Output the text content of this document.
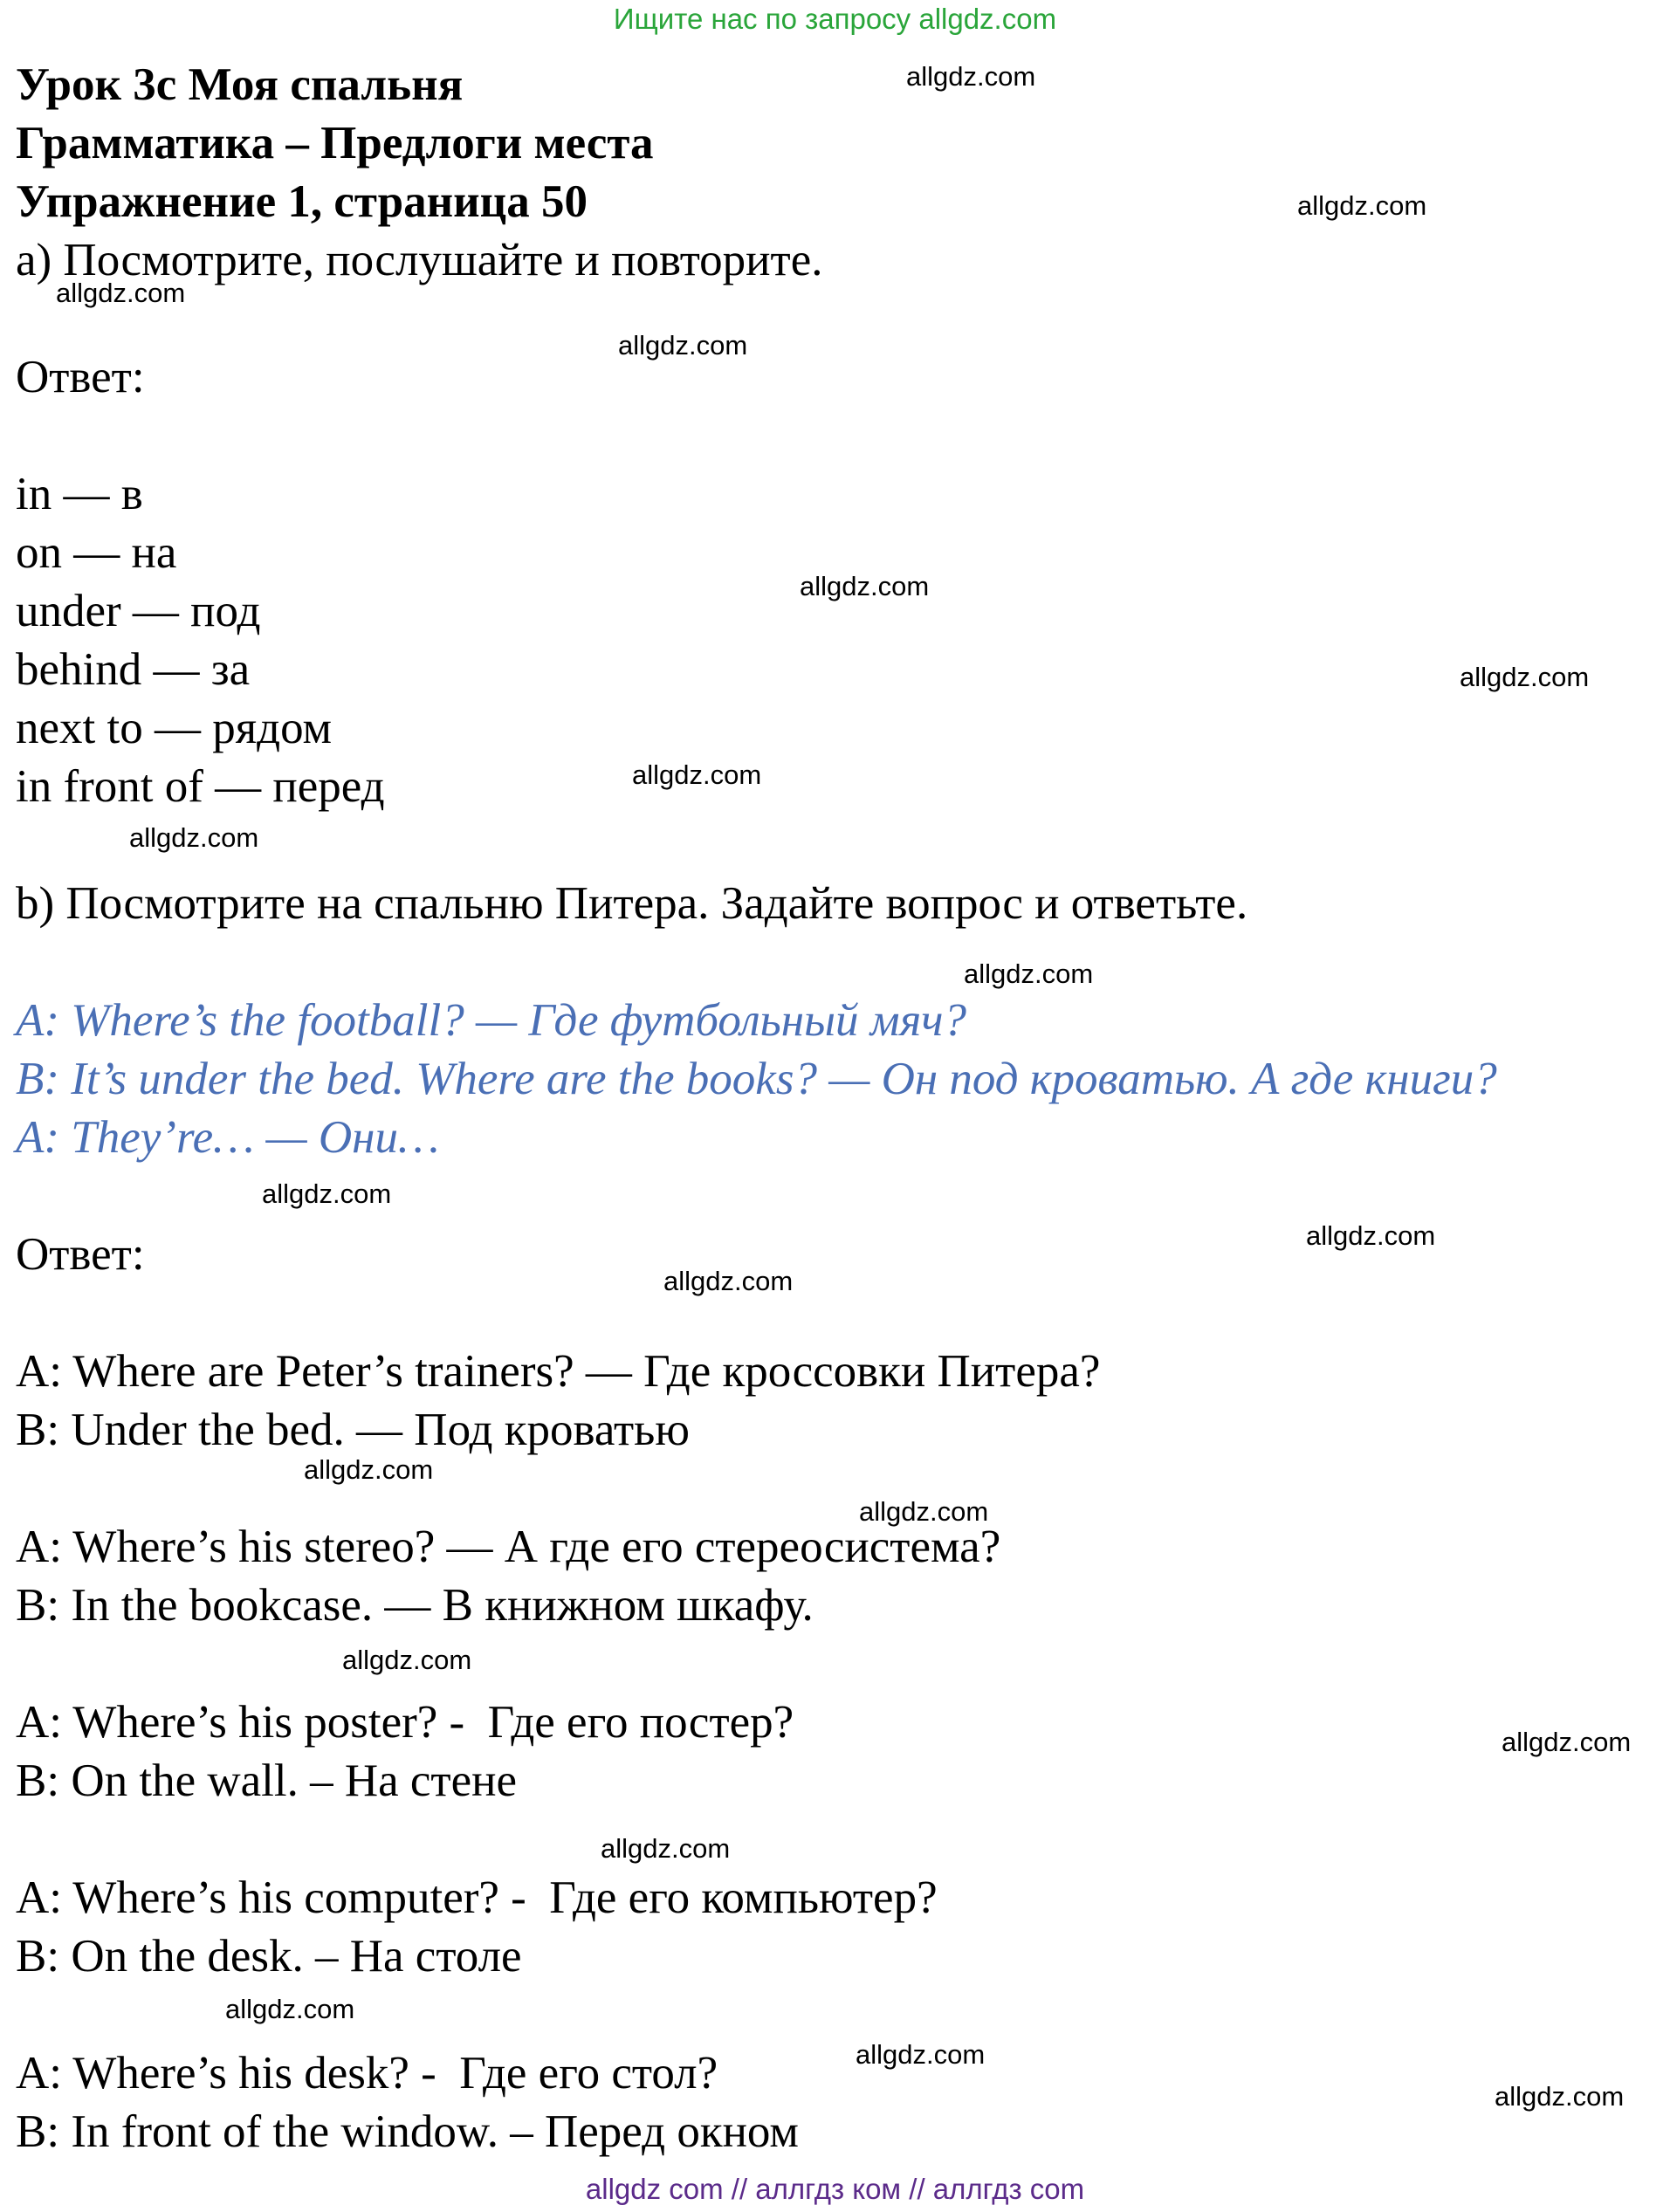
Ищите нас по запросу allgdz.com
Урок 3с Моя спальня
Грамматика – Предлоги места
Упражнение 1, страница 50
a) Посмотрите, послушайте и повторите.
Ответ:
in — в
on — на
under — под
behind — за
next to — рядом
in front of — перед
b) Посмотрите на спальню Питера. Задайте вопрос и ответьте.
A: Where’s the football? — Где футбольный мяч?
B: It’s under the bed. Where are the books? — Он под кроватью. А где книги?
A: They’re… — Они…
Ответ:
A: Where are Peter’s trainers? — Где кроссовки Питера?
B: Under the bed. — Под кроватью
A: Where’s his stereo? — А где его стереосистема?
B: In the bookcase. — В книжном шкафу.
A: Where’s his poster? -  Где его постер?
B: On the wall. – На стене
A: Where’s his computer? -  Где его компьютер?
B: On the desk. – На столе
A: Where’s his desk? -  Где его стол?
B: In front of the window. – Перед окном
allgdz.com
allgdz.com
allgdz.com
allgdz.com
allgdz.com
allgdz.com
allgdz.com
allgdz.com
allgdz.com
allgdz.com
allgdz.com
allgdz.com
allgdz.com
allgdz.com
allgdz.com
allgdz.com
allgdz.com
allgdz.com
allgdz.com
allgdz.com
allgdz com // аллгдз ком // аллгдз com
